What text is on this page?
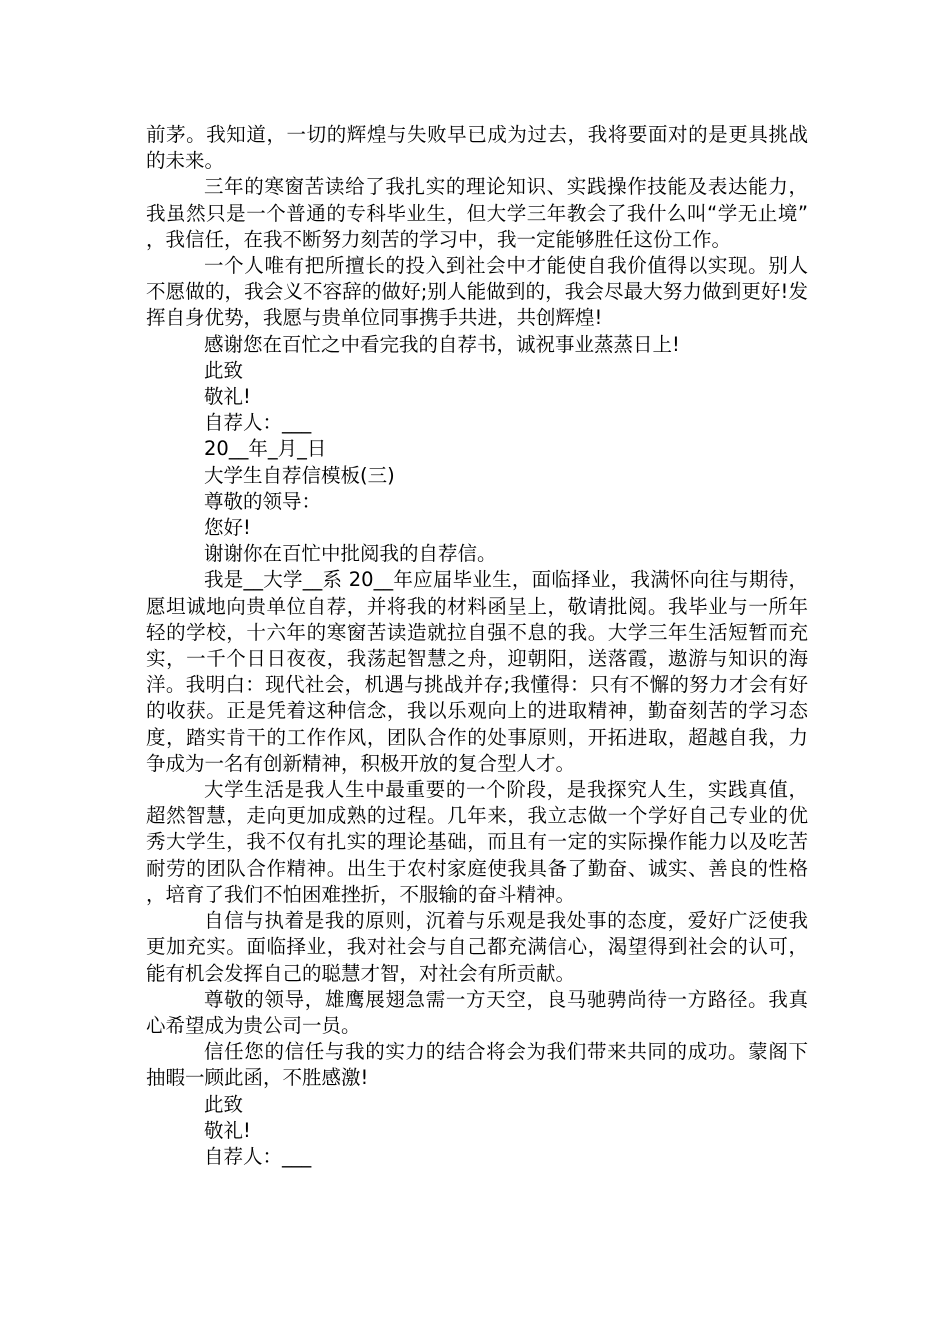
前茅。我知道，一切的辉煌与失败早已成为过去，我将要面对的是更具挑战的未来。

三年的寒窗苦读给了我扎实的理论知识、实践操作技能及表达能力，我虽然只是一个普通的专科毕业生，但大学三年教会了我什么叫“学无止境”，我信任，在我不断努力刻苦的学习中，我一定能够胜任这份工作。

一个人唯有把所擅长的投入到社会中才能使自我价值得以实现。别人不愿做的，我会义不容辞的做好;别人能做到的，我会尽最大努力做到更好!发挥自身优势，我愿与贵单位同事携手共进，共创辉煌!

感谢您在百忙之中看完我的自荐书，诚祝事业蒸蒸日上!

此致

敬礼!

自荐人：___

20__年_月_日

大学生自荐信模板(三)

尊敬的领导：

您好!

谢谢你在百忙中批阅我的自荐信。

我是__大学__系 20__年应届毕业生，面临择业，我满怀向往与期待，愿坦诚地向贵单位自荐，并将我的材料函呈上，敬请批阅。我毕业与一所年轻的学校，十六年的寒窗苦读造就拉自强不息的我。大学三年生活短暂而充实，一千个日日夜夜，我荡起智慧之舟，迎朝阳，送落霞，遨游与知识的海洋。我明白：现代社会，机遇与挑战并存;我懂得：只有不懈的努力才会有好的收获。正是凭着这种信念，我以乐观向上的进取精神，勤奋刻苦的学习态度，踏实肯干的工作作风，团队合作的处事原则，开拓进取，超越自我，力争成为一名有创新精神，积极开放的复合型人才。

大学生活是我人生中最重要的一个阶段，是我探究人生，实践真值，超然智慧，走向更加成熟的过程。几年来，我立志做一个学好自己专业的优秀大学生，我不仅有扎实的理论基础，而且有一定的实际操作能力以及吃苦耐劳的团队合作精神。出生于农村家庭使我具备了勤奋、诚实、善良的性格，培育了我们不怕困难挫折，不服输的奋斗精神。

自信与执着是我的原则，沉着与乐观是我处事的态度，爱好广泛使我更加充实。面临择业，我对社会与自己都充满信心，渴望得到社会的认可，能有机会发挥自己的聪慧才智，对社会有所贡献。

尊敬的领导，雄鹰展翅急需一方天空，良马驰骋尚待一方路径。我真心希望成为贵公司一员。

信任您的信任与我的实力的结合将会为我们带来共同的成功。蒙阁下抽暇一顾此函，不胜感激!

此致

敬礼!

自荐人：___
